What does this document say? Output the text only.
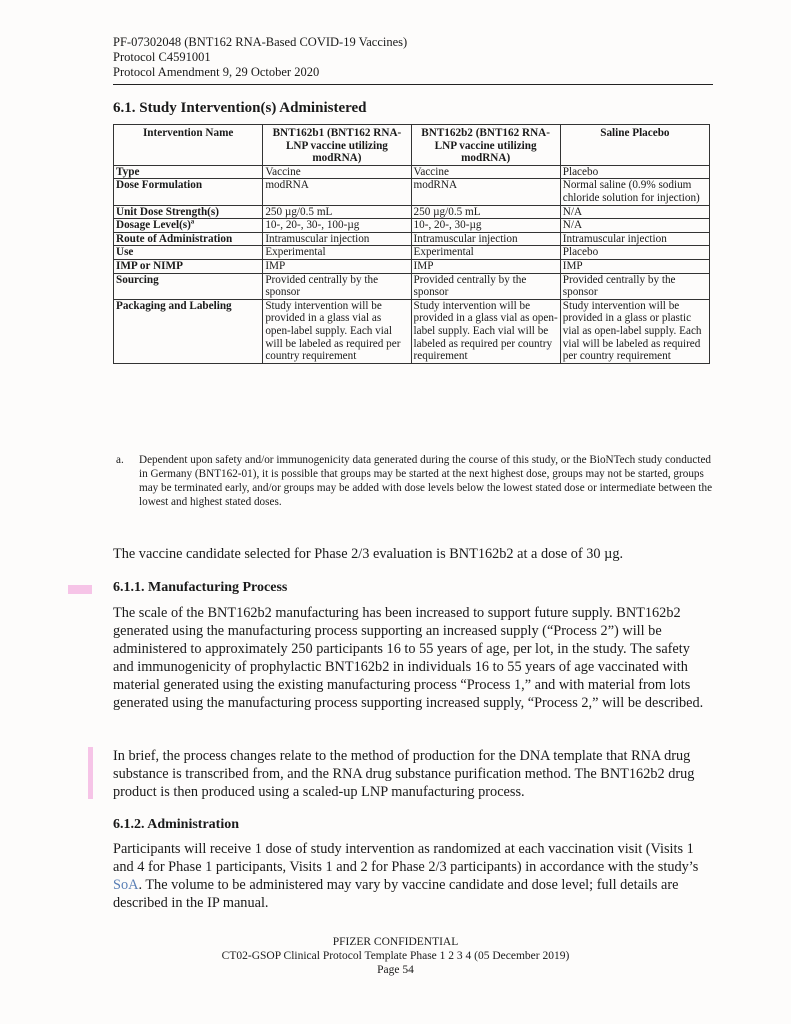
PF-07302048 (BNT162 RNA-Based COVID-19 Vaccines)
Protocol C4591001
Protocol Amendment 9, 29 October 2020
6.1. Study Intervention(s) Administered
Intervention Name	BNT162b1 (BNT162 RNA-LNP vaccine utilizing modRNA)	BNT162b2 (BNT162 RNA-LNP vaccine utilizing modRNA)	Saline Placebo
Type	Vaccine	Vaccine	Placebo
Dose Formulation	modRNA	modRNA	Normal saline (0.9% sodium chloride solution for injection)
Unit Dose Strength(s)	250 µg/0.5 mL	250 µg/0.5 mL	N/A
Dosage Level(s)ª	10-, 20-, 30-, 100-µg	10-, 20-, 30-µg	N/A
Route of Administration	Intramuscular injection	Intramuscular injection	Intramuscular injection
Use	Experimental	Experimental	Placebo
IMP or NIMP	IMP	IMP	IMP
Sourcing	Provided centrally by the sponsor	Provided centrally by the sponsor	Provided centrally by the sponsor
Packaging and Labeling	Study intervention will be provided in a glass vial as open-label supply. Each vial will be labeled as required per country requirement	Study intervention will be provided in a glass vial as open-label supply. Each vial will be labeled as required per country requirement	Study intervention will be provided in a glass or plastic vial as open-label supply. Each vial will be labeled as required per country requirement
a. Dependent upon safety and/or immunogenicity data generated during the course of this study, or the BioNTech study conducted in Germany (BNT162-01), it is possible that groups may be started at the next highest dose, groups may not be started, groups may be terminated early, and/or groups may be added with dose levels below the lowest stated dose or intermediate between the lowest and highest stated doses.
The vaccine candidate selected for Phase 2/3 evaluation is BNT162b2 at a dose of 30 µg.
6.1.1. Manufacturing Process
The scale of the BNT162b2 manufacturing has been increased to support future supply. BNT162b2 generated using the manufacturing process supporting an increased supply (“Process 2”) will be administered to approximately 250 participants 16 to 55 years of age, per lot, in the study. The safety and immunogenicity of prophylactic BNT162b2 in individuals 16 to 55 years of age vaccinated with material generated using the existing manufacturing process “Process 1,” and with material from lots generated using the manufacturing process supporting increased supply, “Process 2,” will be described.
In brief, the process changes relate to the method of production for the DNA template that RNA drug substance is transcribed from, and the RNA drug substance purification method. The BNT162b2 drug product is then produced using a scaled-up LNP manufacturing process.
6.1.2. Administration
Participants will receive 1 dose of study intervention as randomized at each vaccination visit (Visits 1 and 4 for Phase 1 participants, Visits 1 and 2 for Phase 2/3 participants) in accordance with the study’s SoA. The volume to be administered may vary by vaccine candidate and dose level; full details are described in the IP manual.
PFIZER CONFIDENTIAL
CT02-GSOP Clinical Protocol Template Phase 1 2 3 4 (05 December 2019)
Page 54
